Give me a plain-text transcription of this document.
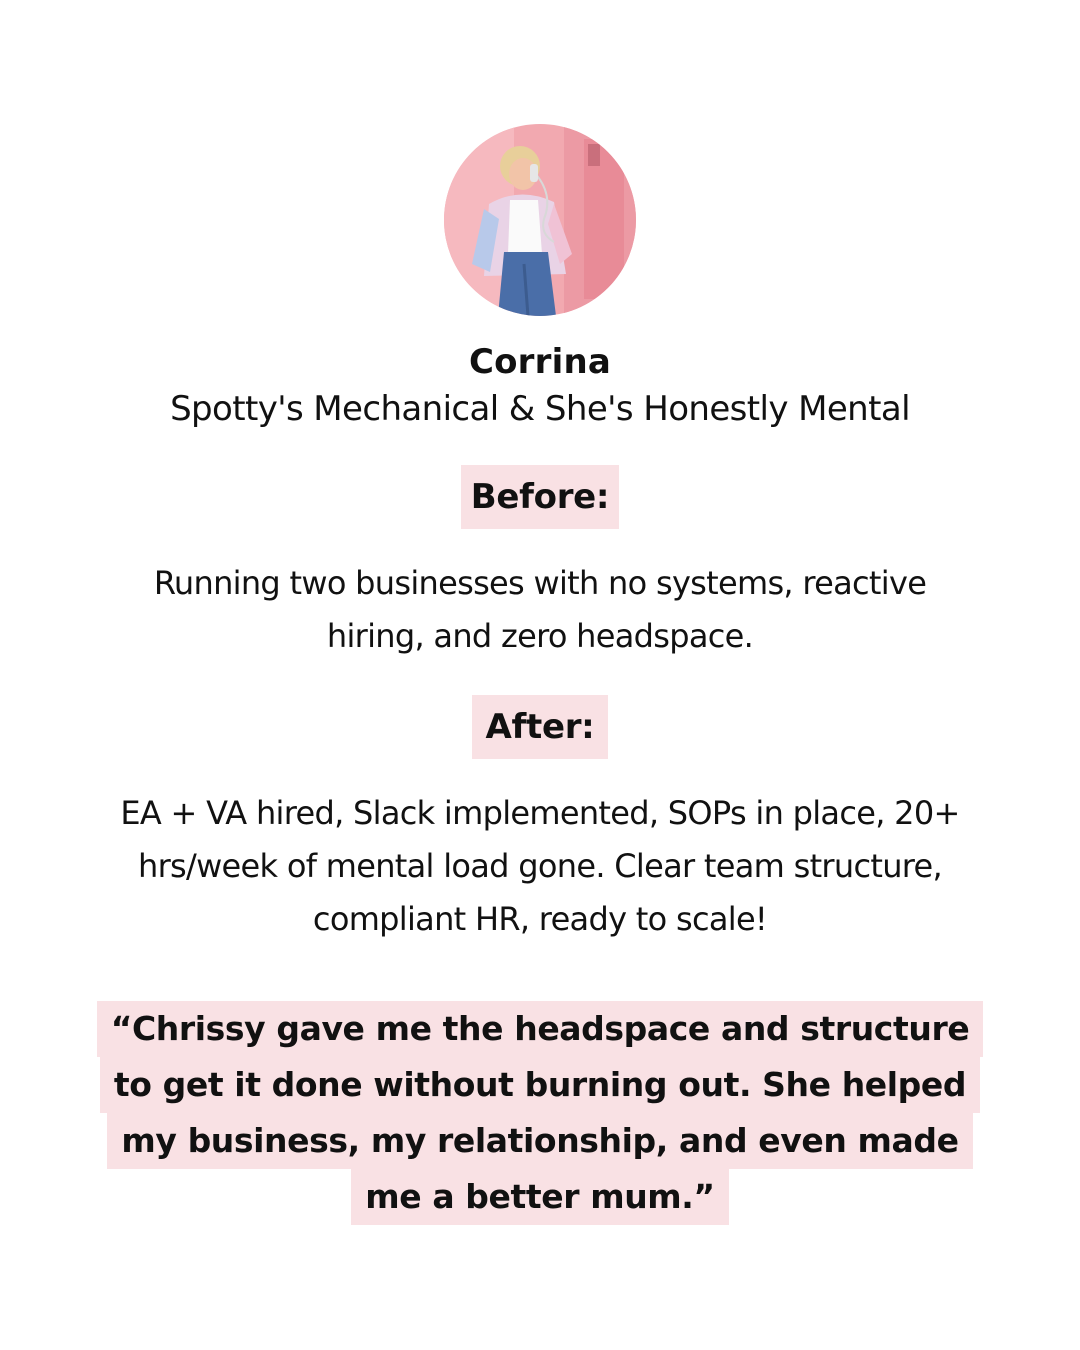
Corrina
Spotty's Mechanical & She's Honestly Mental
Before:
Running two businesses with no systems, reactive hiring, and zero headspace.
After:
EA + VA hired, Slack implemented, SOPs in place, 20+ hrs/week of mental load gone. Clear team structure, compliant HR, ready to scale!
“Chrissy gave me the headspace and structure
to get it done without burning out. She helped
my business, my relationship, and even made
me a better mum.”
